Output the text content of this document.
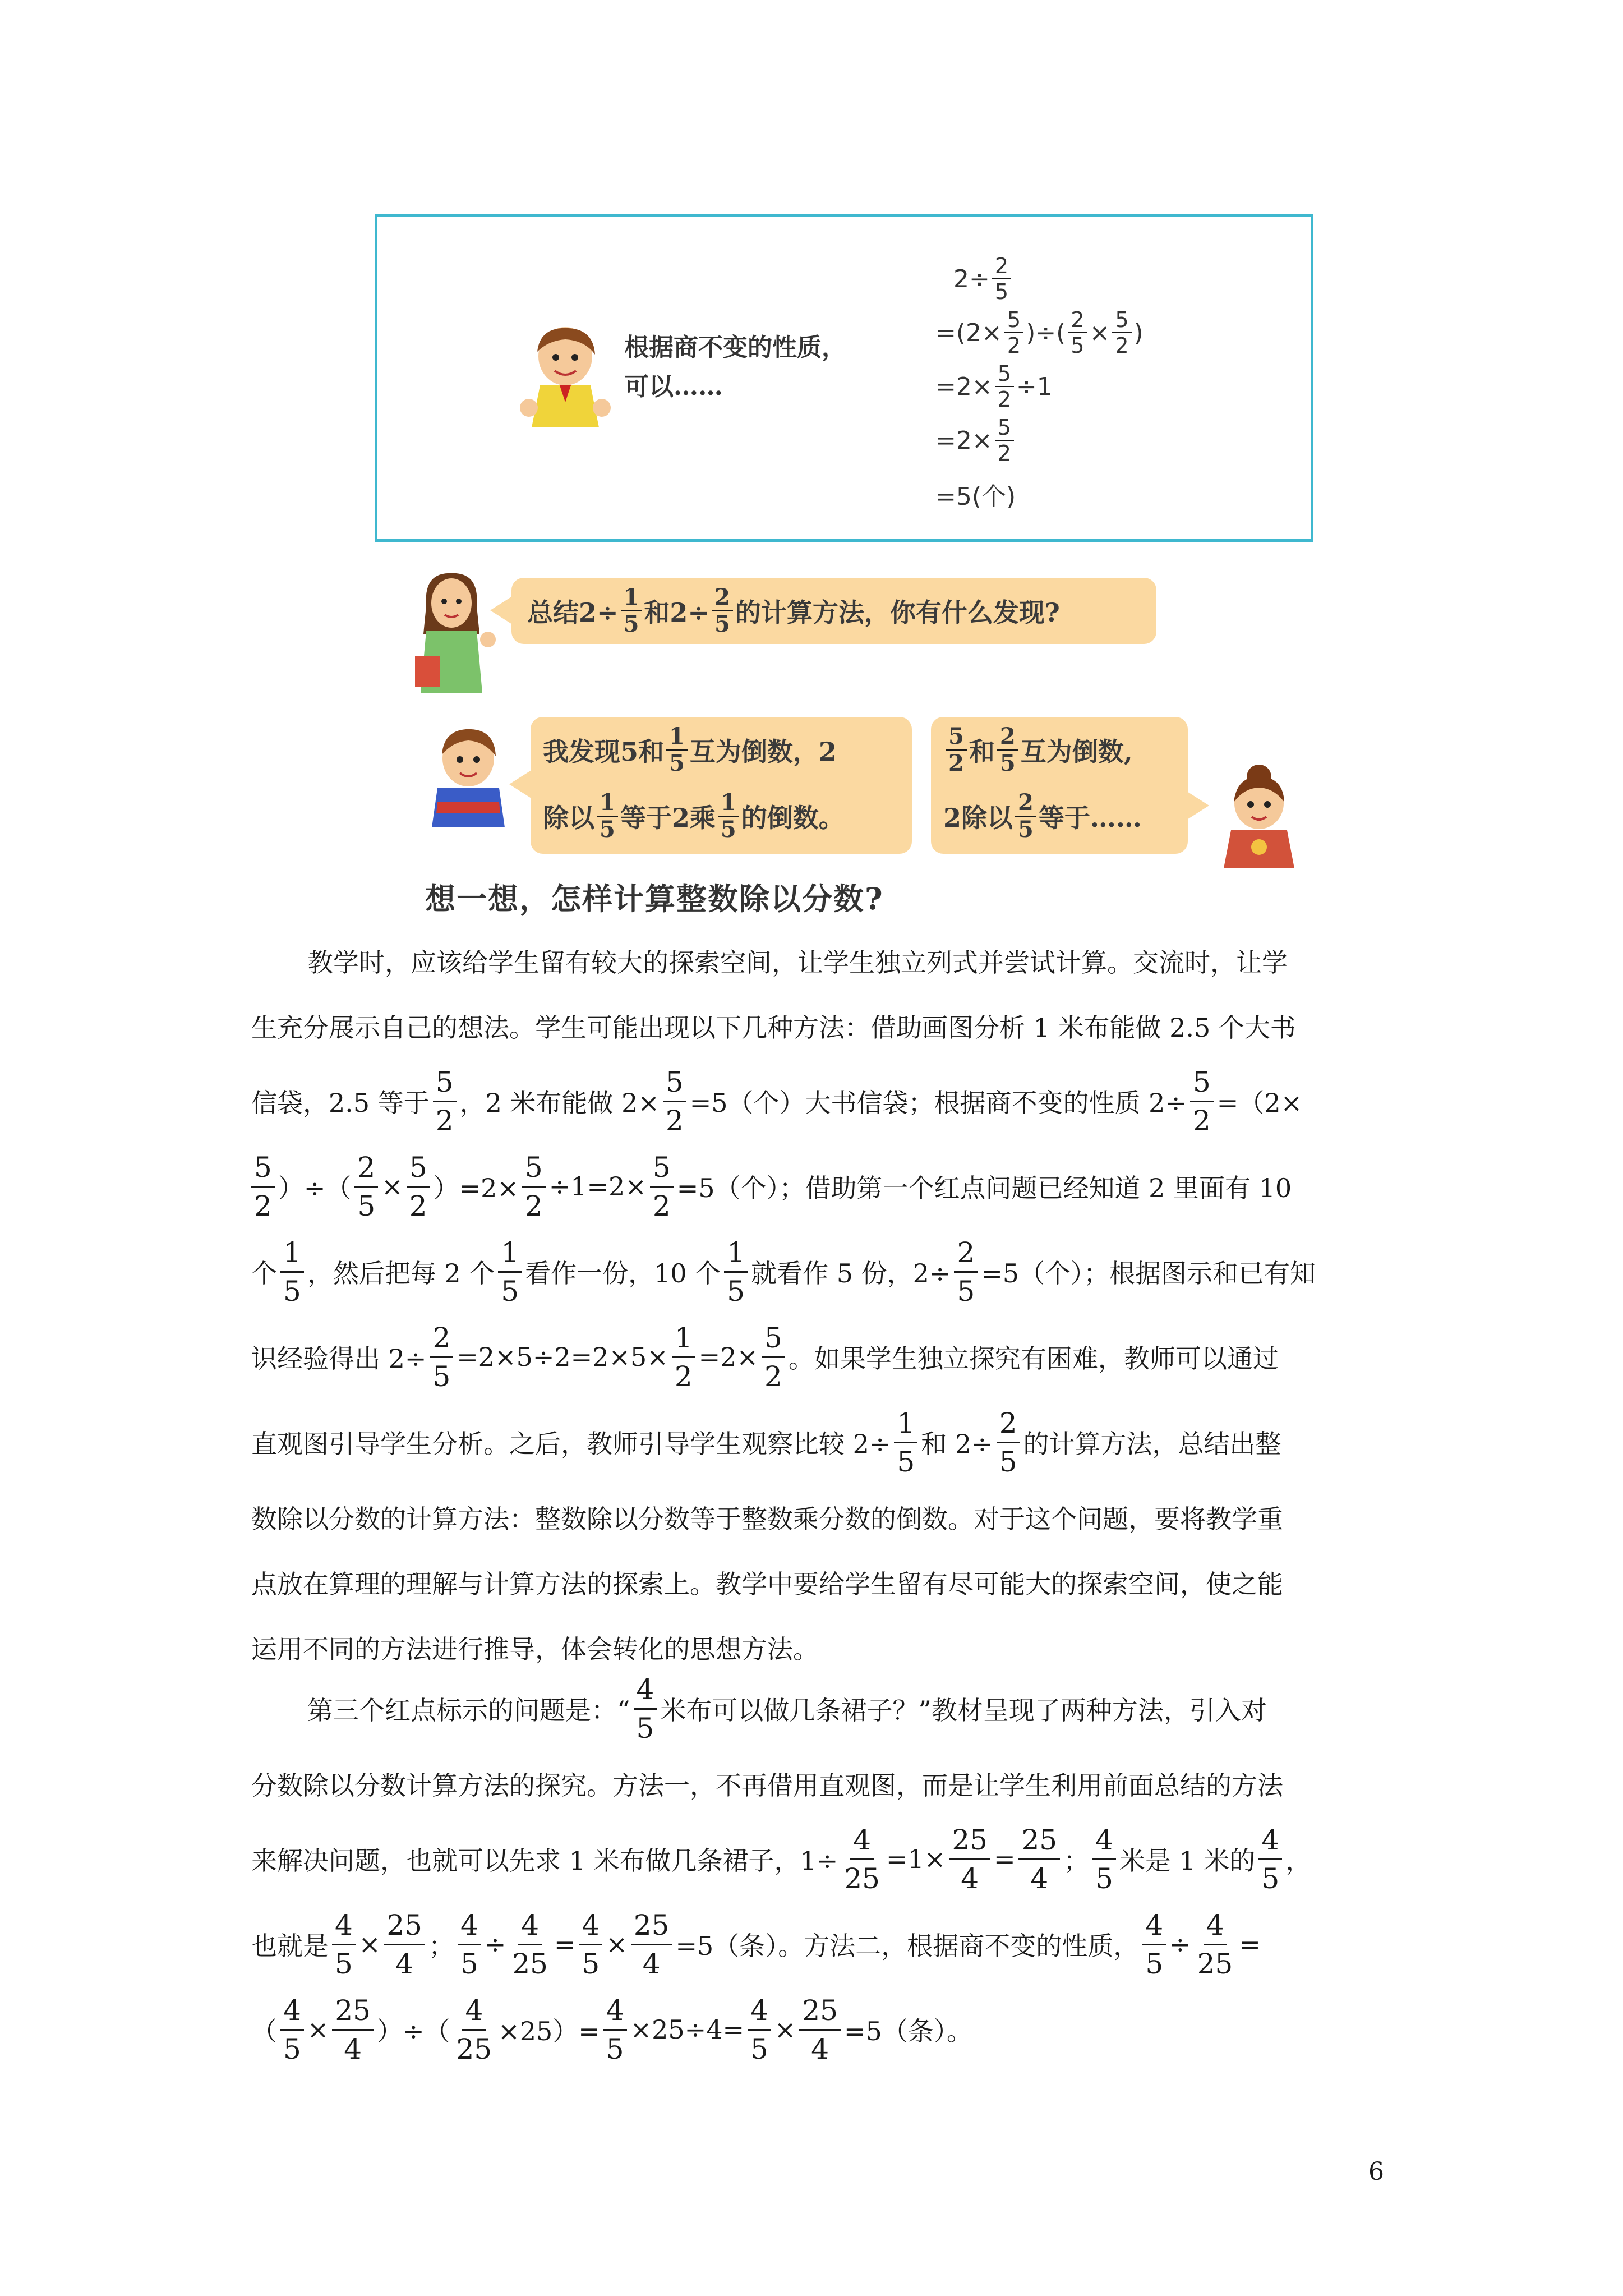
根据商不变的性质，可以……
$2\div \frac{2}{5}$
$=(2\times \frac{5}{2}$ )÷( $\frac{2}{5} \times \frac{5}{2}$ )
$=2\times \frac{5}{2} \div 1$
$=2\times \frac{5}{2}$
=5(个)
总结$2\div \frac{1}{5}$ 和$2\div \frac{2}{5}$ 的计算方法，你有什么发现?
我发现5和
1
5 互为倒数，2
除以
1
5 等于2乘
1
5 的倒数。
5
2 和
2
5 互为倒数,
2除以
2
5 等于……
想一想，怎样计算整数除以分数?
教学时，应该给学生留有较大的探索空间，让学生独立列式并尝试计算。交流时，让学
生充分展示自己的想法。学生可能出现以下几种方法：借助画图分析 1 米布能做 2.5 个大书
信袋，2.5 等于
5
2
，2 米布能做 $2\times \frac{5}{2} =5$（个）大书信袋；根据商不变的性质 $2\div \frac{5}{2} =(2\times$
5
2
）÷（ $\frac{2}{5} \times \frac{5}{2} )=2\times \frac{5}{2} \div 1=2\times \frac{5}{2} =5$（个）；借助第一个红点问题已经知道 2 里面有 10
个
1
5
，然后把每 2 个
1
5
看作一份，10 个
1
5
就看作 5 份，$2\div \frac{2}{5} =5$（个）；根据图示和已有知
识经验得出 $2\div \frac{2}{5} =2\times 5\div 2=2\times 5\times \frac{1}{2} =2\times \frac{5}{2}$ 。如果学生独立探究有困难，教师可以通过
直观图引导学生分析。之后，教师引导学生观察比较 $2\div \frac{1}{5}$ 和 $2\div \frac{2}{5}$ 的计算方法，总结出整
数除以分数的计算方法：整数除以分数等于整数乘分数的倒数。对于这个问题，要将教学重
点放在算理的理解与计算方法的探索上。教学中要给学生留有尽可能大的探索空间，使之能
运用不同的方法进行推导，体会转化的思想方法。
第三个红点标示的问题是：“
4
5
米布可以做几条裙子？”教材呈现了两种方法，引入对
分数除以分数计算方法的探究。方法一，不再借用直观图，而是让学生利用前面总结的方法
来解决问题，也就可以先求 1 米布做几条裙子，$1\div \frac{4}{25} =1\times \frac{25}{4} = \frac{25}{4}$ ；
4
5
米是 1 米的
4
5
，
也就是 $\frac{4}{5} \times \frac{25}{4}$ ； $\frac{4}{5} \div \frac{4}{25} = \frac{4}{5} \times \frac{25}{4} =5$（条）。方法二，根据商不变的性质， $\frac{4}{5} \div \frac{4}{25}$ =
（ $\frac{4}{5} \times \frac{25}{4}$ ）÷（ $\frac{4}{25} \times 25)= \frac{4}{5} \times 25\div 4= \frac{4}{5} \times \frac{25}{4} =5$（条）。
6
